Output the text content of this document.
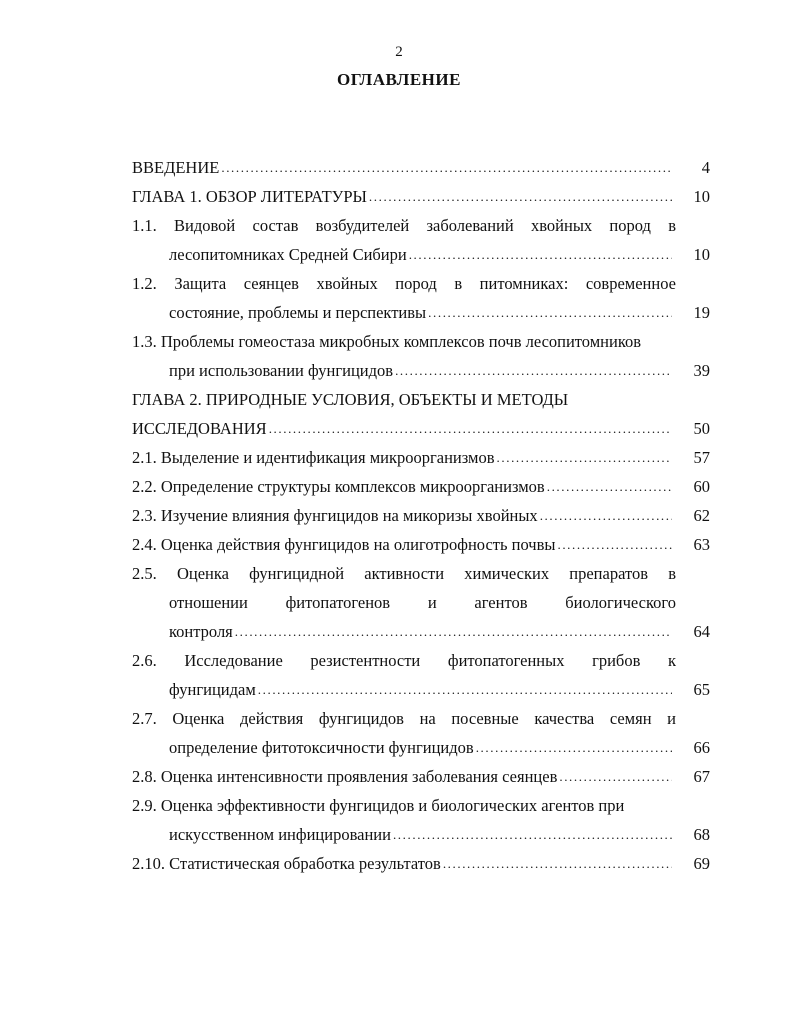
2
ОГЛАВЛЕНИЕ
ВВЕДЕНИЕ .....	4
ГЛАВА 1. ОБЗОР ЛИТЕРАТУРЫ .....	10
1.1. Видовой состав возбудителей заболеваний хвойных пород в
лесопитомниках Средней Сибири .....	10
1.2. Защита сеянцев хвойных пород в питомниках: современное
состояние, проблемы и перспективы .....	19
1.3. Проблемы гомеостаза микробных комплексов почв лесопитомников
при использовании фунгицидов .....	39
ГЛАВА 2. ПРИРОДНЫЕ УСЛОВИЯ, ОБЪЕКТЫ И МЕТОДЫ
ИССЛЕДОВАНИЯ .....	50
2.1. Выделение и идентификация микроорганизмов .....	57
2.2. Определение структуры комплексов микроорганизмов .....	60
2.3. Изучение влияния фунгицидов на микоризы хвойных .....	62
2.4. Оценка действия фунгицидов на олиготрофность почвы .....	63
2.5. Оценка фунгицидной активности химических препаратов в
отношении фитопатогенов и агентов биологического
контроля .....	64
2.6. Исследование резистентности фитопатогенных грибов к
фунгицидам .....	65
2.7. Оценка действия фунгицидов на посевные качества семян и
определение фитотоксичности фунгицидов .....	66
2.8. Оценка интенсивности проявления заболевания сеянцев .....	67
2.9. Оценка эффективности фунгицидов и биологических агентов при
искусственном инфицировании .....	68
2.10. Статистическая обработка результатов .....	69
